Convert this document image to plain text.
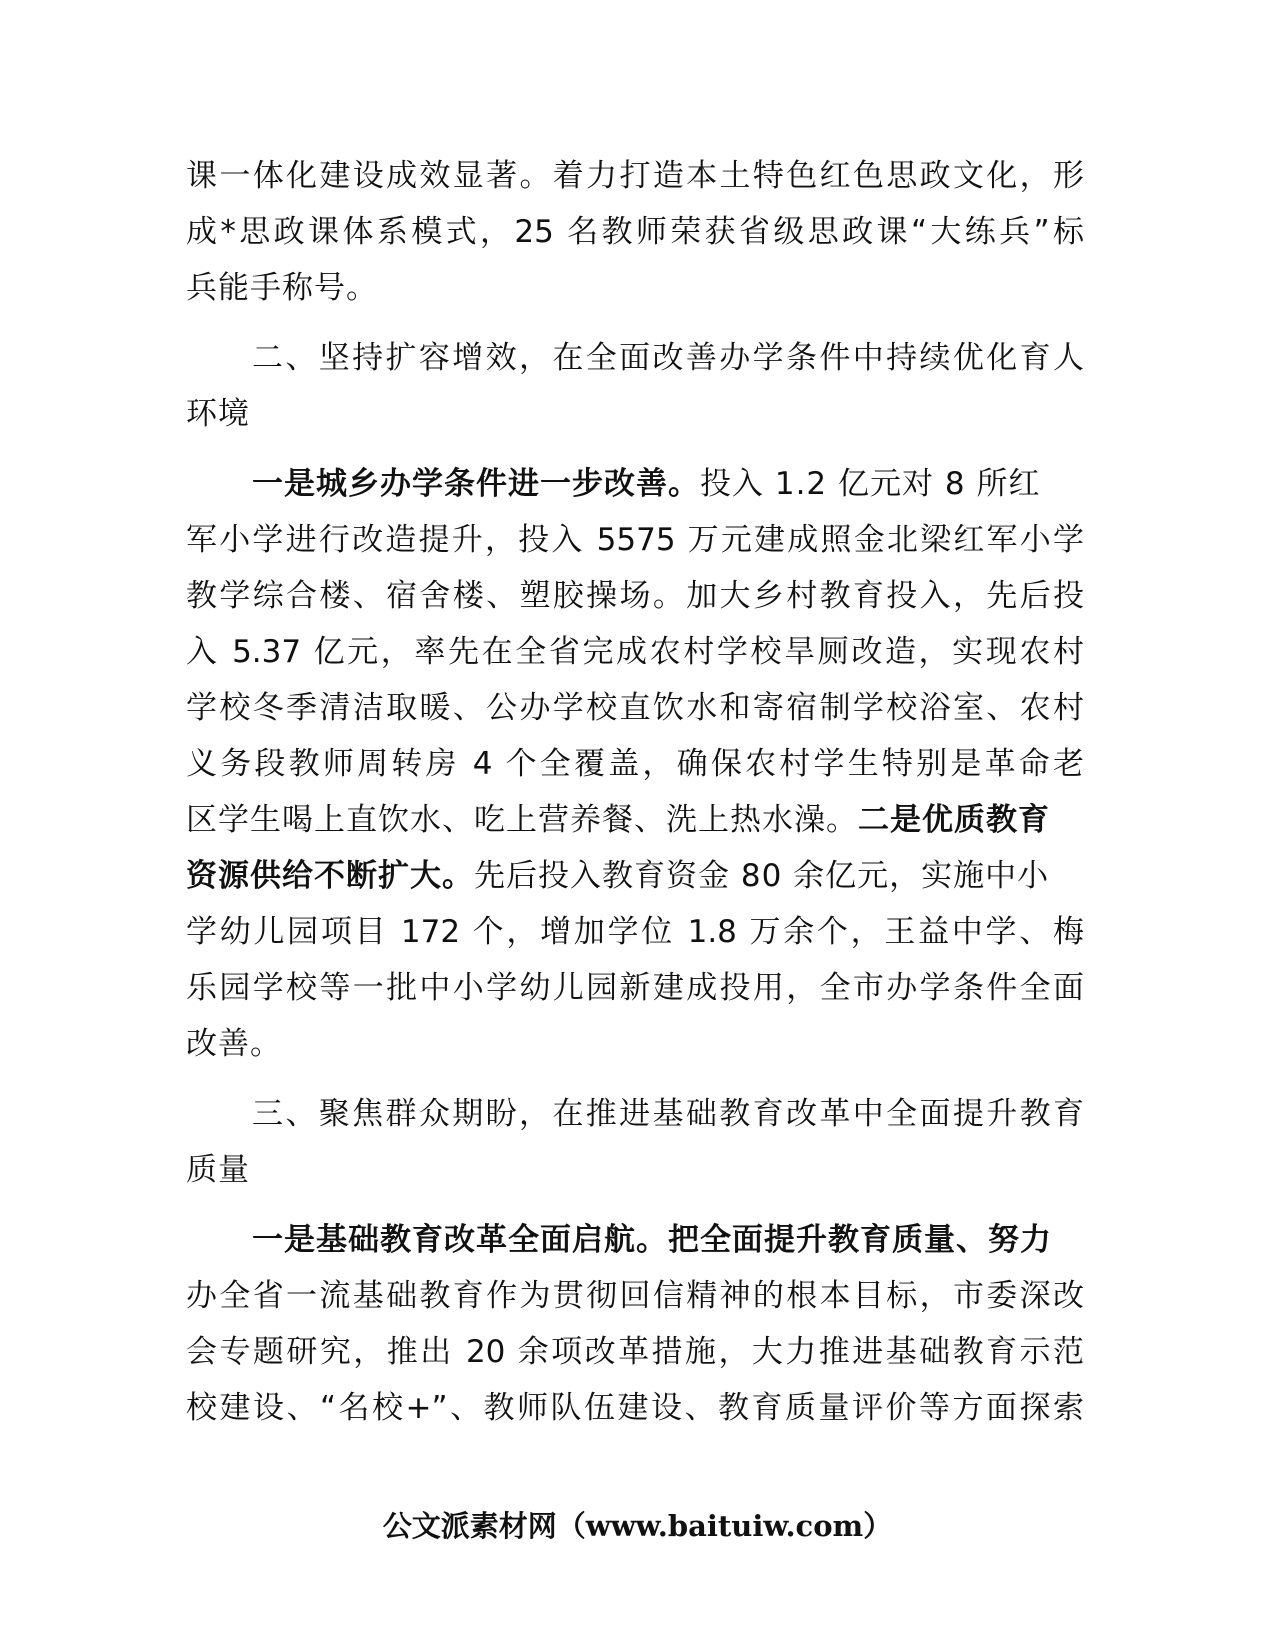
课一体化建设成效显著。着力打造本土特色红色思政文化，形
成*思政课体系模式，25 名教师荣获省级思政课“大练兵”标
兵能手称号。
二、坚持扩容增效，在全面改善办学条件中持续优化育人
环境
一是城乡办学条件进一步改善。投入 1.2 亿元对 8 所红
军小学进行改造提升，投入 5575 万元建成照金北梁红军小学
教学综合楼、宿舍楼、塑胶操场。加大乡村教育投入，先后投
入 5.37 亿元，率先在全省完成农村学校旱厕改造，实现农村
学校冬季清洁取暖、公办学校直饮水和寄宿制学校浴室、农村
义务段教师周转房 4 个全覆盖，确保农村学生特别是革命老
区学生喝上直饮水、吃上营养餐、洗上热水澡。二是优质教育
资源供给不断扩大。先后投入教育资金 80 余亿元，实施中小
学幼儿园项目 172 个，增加学位 1.8 万余个，王益中学、梅
乐园学校等一批中小学幼儿园新建成投用，全市办学条件全面
改善。
三、聚焦群众期盼，在推进基础教育改革中全面提升教育
质量
一是基础教育改革全面启航。把全面提升教育质量、努力
办全省一流基础教育作为贯彻回信精神的根本目标，市委深改
会专题研究，推出 20 余项改革措施，大力推进基础教育示范
校建设、“名校+”、教师队伍建设、教育质量评价等方面探索
公文派素材网（www.baituiw.com）
